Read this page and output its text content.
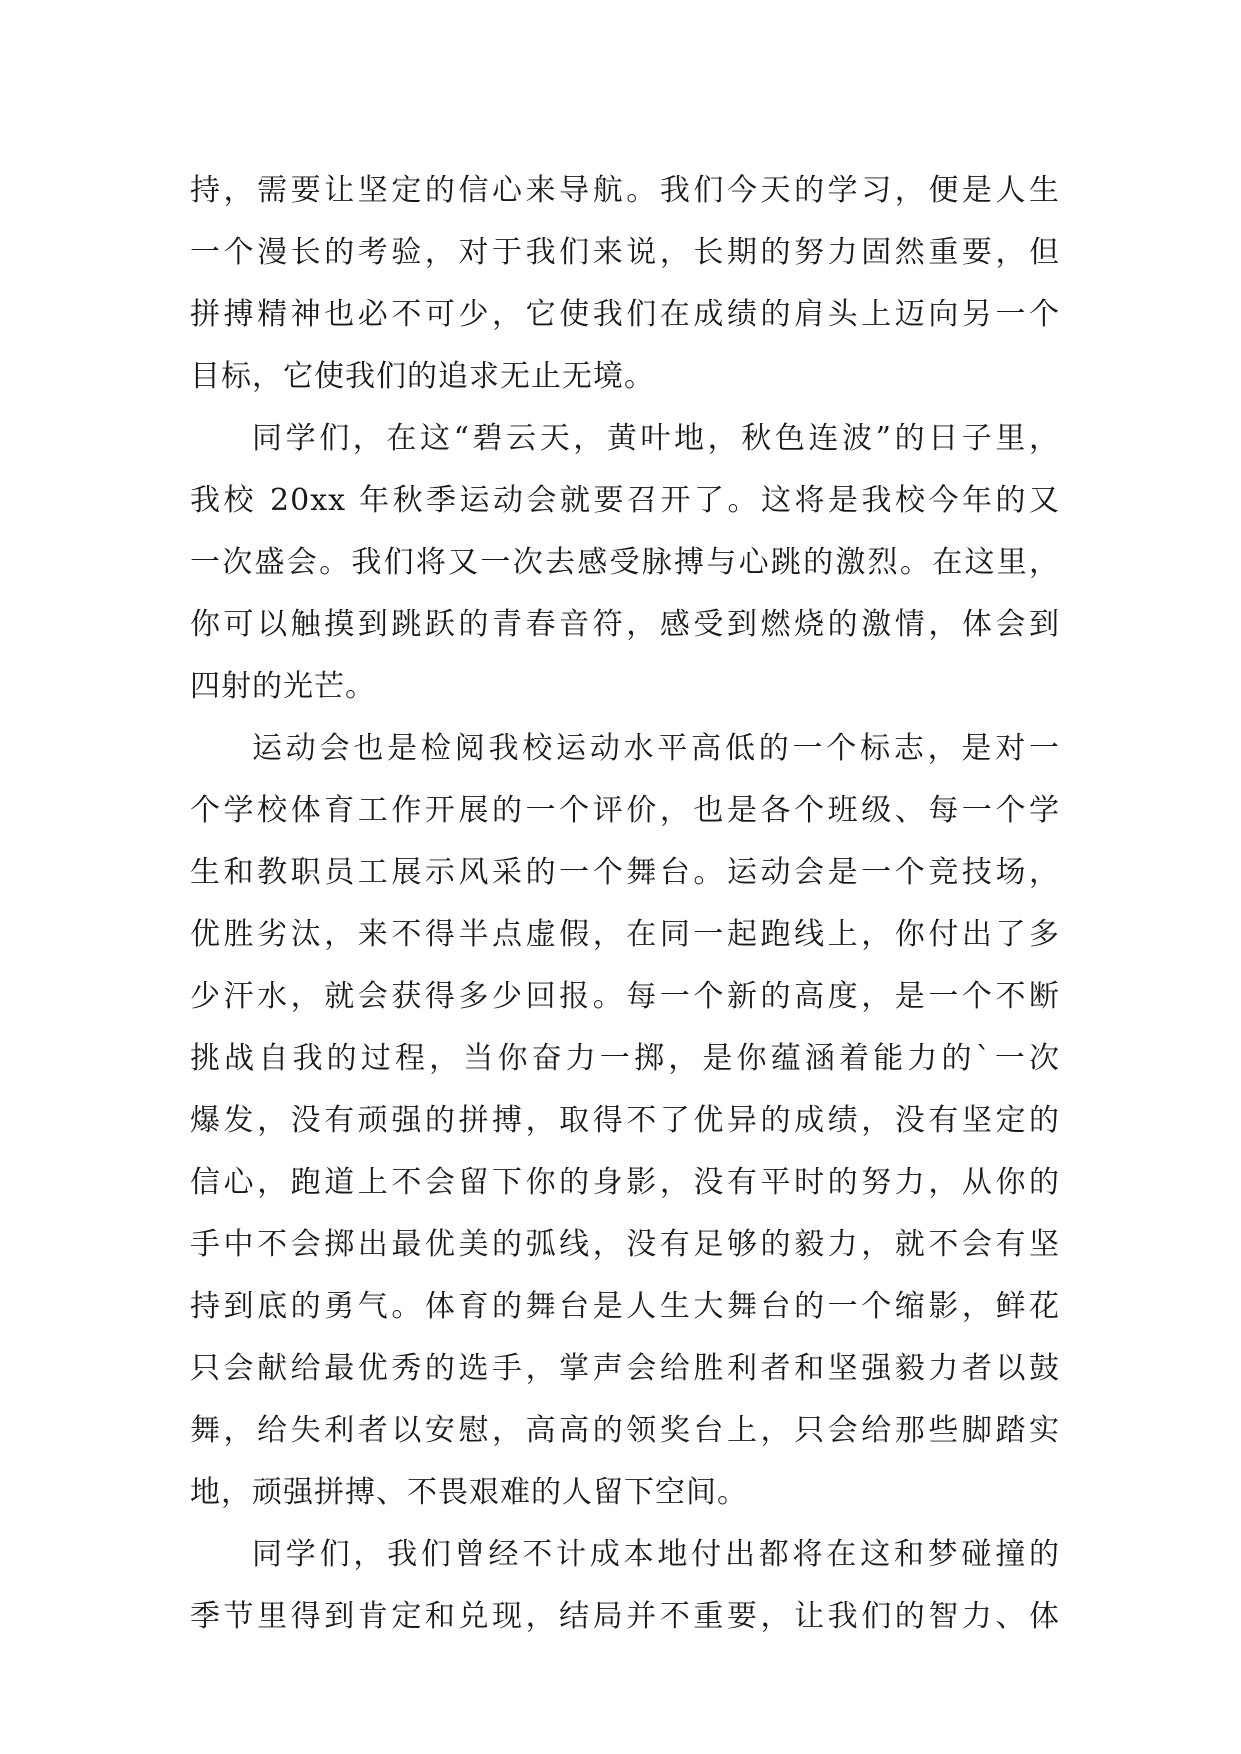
持，需要让坚定的信心来导航。我们今天的学习，便是人生
一个漫长的考验，对于我们来说，长期的努力固然重要，但
拼搏精神也必不可少，它使我们在成绩的肩头上迈向另一个
目标，它使我们的追求无止无境。
同学们，在这“碧云天，黄叶地，秋色连波”的日子里，
我校 20xx 年秋季运动会就要召开了。这将是我校今年的又
一次盛会。我们将又一次去感受脉搏与心跳的激烈。在这里，
你可以触摸到跳跃的青春音符，感受到燃烧的激情，体会到
四射的光芒。
运动会也是检阅我校运动水平高低的一个标志，是对一
个学校体育工作开展的一个评价，也是各个班级、每一个学
生和教职员工展示风采的一个舞台。运动会是一个竞技场，
优胜劣汰，来不得半点虚假，在同一起跑线上，你付出了多
少汗水，就会获得多少回报。每一个新的高度，是一个不断
挑战自我的过程，当你奋力一掷，是你蕴涵着能力的`一次
爆发，没有顽强的拼搏，取得不了优异的成绩，没有坚定的
信心，跑道上不会留下你的身影，没有平时的努力，从你的
手中不会掷出最优美的弧线，没有足够的毅力，就不会有坚
持到底的勇气。体育的舞台是人生大舞台的一个缩影，鲜花
只会献给最优秀的选手，掌声会给胜利者和坚强毅力者以鼓
舞，给失利者以安慰，高高的领奖台上，只会给那些脚踏实
地，顽强拼搏、不畏艰难的人留下空间。
同学们，我们曾经不计成本地付出都将在这和梦碰撞的
季节里得到肯定和兑现，结局并不重要，让我们的智力、体
